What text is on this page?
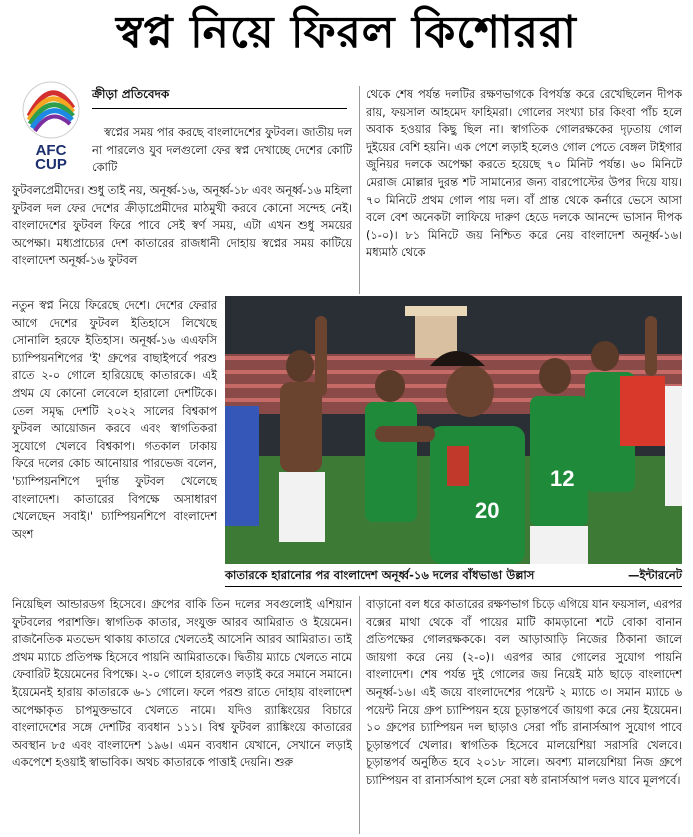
স্বপ্ন নিয়ে ফিরল কিশোররা
AFC
CUP
ক্রীড়া প্রতিবেদক

স্বপ্নের সময় পার করছে বাংলাদেশের ফুটবল। জাতীয় দল না পারলেও যুব দলগুলো ফের স্বপ্ন দেখাচ্ছে দেশের কোটি কোটি

ফুটবলপ্রেমীদের। শুধু তাই নয়, অনূর্ধ্ব-১৬, অনূর্ধ্ব-১৮ এবং অনূর্ধ্ব-১৬ মহিলা ফুটবল দল ফের দেশের ক্রীড়াপ্রেমীদের মাঠমুখী করবে কোনো সন্দেহ নেই। বাংলাদেশের ফুটবল ফিরে পাবে সেই স্বর্ণ সময়, এটা এখন শুধু সময়ের অপেক্ষা। মধ্যপ্রাচ্যের দেশ কাতারের রাজধানী দোহায় স্বপ্নের সময় কাটিয়ে বাংলাদেশ অনূর্ধ্ব-১৬ ফুটবল

নতুন স্বপ্ন নিয়ে ফিরেছে দেশে। দেশের ফেরার আগে দেশের ফুটবল ইতিহাসে লিখেছে সোনালি হরফে ইতিহাস। অনূর্ধ্ব-১৬ এএফসি চ্যাম্পিয়নশিপের 'ই' গ্রুপের বাছাইপর্বে পরশু রাতে ২-০ গোলে হারিয়েছে কাতারকে। এই প্রথম যে কোনো লেবেলে হারালো দেশটিকে। তেল সমৃদ্ধ দেশটি ২০২২ সালের বিশ্বকাপ ফুটবল আয়োজন করবে এবং স্বাগতিকরা সুযোগে খেলবে বিশ্বকাপ। গতকাল ঢাকায় ফিরে দলের কোচ আনোয়ার পারভেজ বলেন, 'চ্যাম্পিয়নশিপে দুর্দান্ত ফুটবল খেলেছে বাংলাদেশ। কাতারের বিপক্ষে অসাধারণ খেলেছেন সবাই।' চ্যাম্পিয়নশিপে বাংলাদেশ অংশ

থেকে শেষ পর্যন্ত দলটির রক্ষণভাগকে বিপর্যস্ত করে রেখেছিলেন দীপক রায়, ফয়সাল আহমেদ ফাহিমরা। গোলের সংখ্যা চার কিংবা পাঁচ হলে অবাক হওয়ার কিছু ছিল না। স্বাগতিক গোলরক্ষকের দৃঢ়তায় গোল দুইয়ের বেশি হয়নি। এক পেশে লড়াই হলেও গোল পেতে বেঙ্গল টাইগার জুনিয়র দলকে অপেক্ষা করতে হয়েছে ৭০ মিনিট পর্যন্ত। ৬০ মিনিটে মেরাজ মোল্লার দুরন্ত শট সামান্যের জন্য বারপোস্টের উপর দিয়ে যায়। ৭০ মিনিটে প্রথম গোল পায় দল। বাঁ প্রান্ত থেকে কর্নারে ভেসে আসা বলে বেশ অনেকটা লাফিয়ে দারুণ হেডে দলকে আনন্দে ভাসান দীপক (১-০)। ৮১ মিনিটে জয় নিশ্চিত করে নেয় বাংলাদেশ অনূর্ধ্ব-১৬। মধ্যমাঠ থেকে

20
12
কাতারকে হারানোর পর বাংলাদেশ অনূর্ধ্ব-১৬ দলের বাঁধভাঙা উল্লাস	—ইন্টারনেট

নিয়েছিল আন্ডারডগ হিসেবে। গ্রুপের বাকি তিন দলের সবগুলোই এশিয়ান ফুটবলের পরাশক্তি। স্বাগতিক কাতার, সংযুক্ত আরব আমিরাত ও ইয়েমেন। রাজনৈতিক মতভেদ থাকায় কাতারে খেলতেই আসেনি আরব আমিরাত। তাই প্রথম ম্যাচে প্রতিপক্ষ হিসেবে পায়নি আমিরাতকে। দ্বিতীয় ম্যাচে খেলতে নামে ফেবারিট ইয়েমেনের বিপক্ষে। ২-০ গোলে হারলেও লড়াই করে সমানে সমানে। ইয়েমেনই হারায় কাতারকে ৬-১ গোলে। ফলে পরশু রাতে দোহায় বাংলাদেশ অপেক্ষাকৃত চাপমুক্তভাবে খেলতে নামে। যদিও র‍্যাঙ্কিংয়ের বিচারে বাংলাদেশের সঙ্গে দেশটির ব্যবধান ১১১। বিশ্ব ফুটবল র‍্যাঙ্কিংয়ে কাতারের অবস্থান ৮৫ এবং বাংলাদেশ ১৯৬। এমন ব্যবধান যেখানে, সেখানে লড়াই একপেশে হওয়াই স্বাভাবিক। অথচ কাতারকে পাত্তাই দেয়নি। শুরু

বাড়ানো বল ধরে কাতারের রক্ষণভাগ চিড়ে এগিয়ে যান ফয়সাল, এরপর বক্সের মাথা থেকে বাঁ পায়ের মাটি কামড়ানো শটে বোকা বানান প্রতিপক্ষের গোলরক্ষককে। বল আড়াআড়ি নিজের ঠিকানা জালে জায়গা করে নেয় (২-০)। এরপর আর গোলের সুযোগ পায়নি বাংলাদেশ। শেষ পর্যন্ত দুই গোলের জয় নিয়েই মাঠ ছাড়ে বাংলাদেশ অনূর্ধ্ব-১৬। এই জয়ে বাংলাদেশের পয়েন্ট ২ ম্যাচে ৩। সমান ম্যাচে ৬ পয়েন্ট নিয়ে গ্রুপ চ্যাম্পিয়ন হয়ে চূড়ান্তপর্বে জায়গা করে নেয় ইয়েমেন। ১০ গ্রুপের চ্যাম্পিয়ন দল ছাড়াও সেরা পাঁচ রানার্সআপ সুযোগ পাবে চূড়ান্তপর্বে খেলার। স্বাগতিক হিসেবে মালয়েশিয়া সরাসরি খেলবে। চূড়ান্তপর্ব অনুষ্ঠিত হবে ২০১৮ সালে। অবশ্য মালয়েশিয়া নিজ গ্রুপে চ্যাম্পিয়ন বা রানার্সআপ হলে সেরা ষষ্ঠ রানার্সআপ দলও যাবে মূলপর্বে।
